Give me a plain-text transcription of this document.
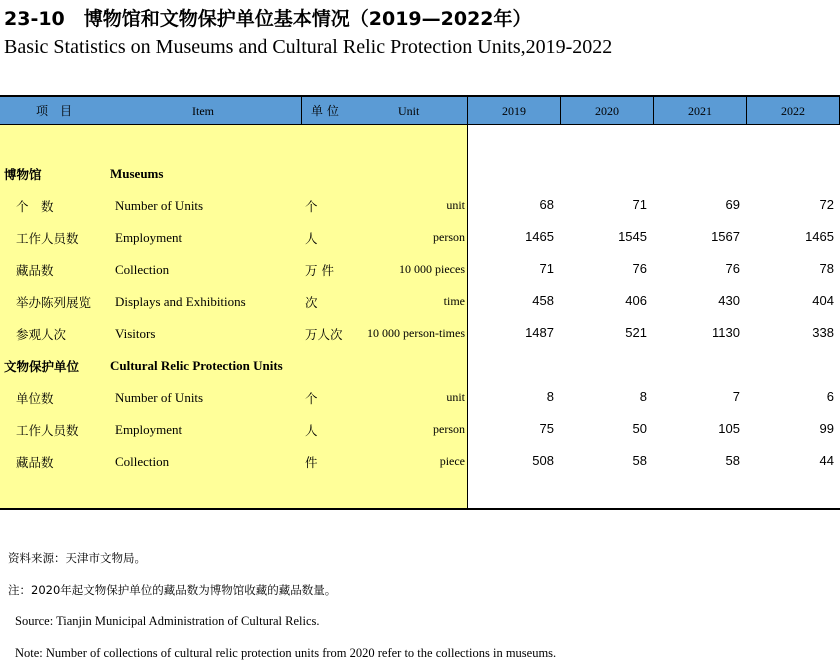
23-10　博物馆和文物保护单位基本情况（2019—2022年）
Basic Statistics on Museums and Cultural Relic Protection Units,2019-2022
项　目	Item	单 位	Unit	2019	2020	2021	2022
博物馆	Museums
个　数	Number of Units	个	unit	68	71	69	72
工作人员数	Employment	人	person	1465	1545	1567	1465
藏品数	Collection	万 件	10 000 pieces	71	76	76	78
举办陈列展览 Displays and Exhibitions	次	time	458	406	430	404
参观人次	Visitors	万人次 10 000 person-times	1487	521	1130	338
文物保护单位 Cultural Relic Protection Units
单位数	Number of Units	个	unit	8	8	7	6
工作人员数	Employment	人	person	75	50	105	99
藏品数	Collection	件	piece	508	58	58	44
资料来源：天津市文物局。
注：2020年起文物保护单位的藏品数为博物馆收藏的藏品数量。
Source: Tianjin Municipal Administration of Cultural Relics.
Note: Number of collections of cultural relic protection units from 2020 refer to the collections in museums.
